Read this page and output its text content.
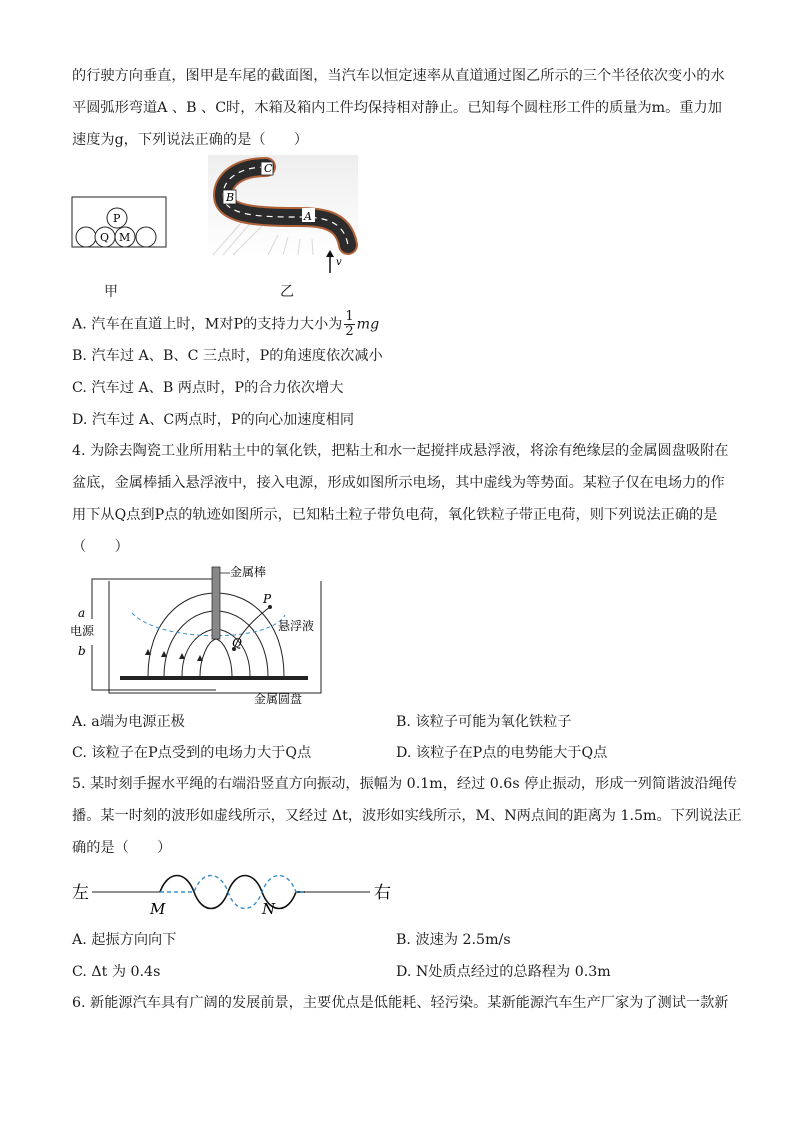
的行驶方向垂直，图甲是车尾的截面图，当汽车以恒定速率从直道通过图乙所示的三个半径依次变小的水
平圆弧形弯道A 、B 、C时，木箱及箱内工件均保持相对静止。已知每个圆柱形工件的质量为m。重力加
速度为g，下列说法正确的是（　　）
P
Q M
甲
C
B
A
v
乙
A. 汽车在直道上时，M对P的支持力大小为 $\frac{1}{2}$ mg
B. 汽车过 A、B、C 三点时，P的角速度依次减小
C. 汽车过 A、B 两点时，P的合力依次增大
D. 汽车过 A、C两点时，P的向心加速度相同
4. 为除去陶瓷工业所用粘土中的氧化铁，把粘土和水一起搅拌成悬浮液，将涂有绝缘层的金属圆盘吸附在
盆底，金属棒插入悬浮液中，接入电源，形成如图所示电场，其中虚线为等势面。某粒子仅在电场力的作
用下从Q点到P点的轨迹如图所示，已知粘土粒子带负电荷，氧化铁粒子带正电荷，则下列说法正确的是
（　　）
金属棒
a
电源
b
P
Q
悬浮液
金属圆盘
A. a端为电源正极	B. 该粒子可能为氧化铁粒子
C. 该粒子在P点受到的电场力大于Q点	D. 该粒子在P点的电势能大于Q点
5. 某时刻手握水平绳的右端沿竖直方向振动，振幅为 0.1m，经过 0.6s 停止振动，形成一列简谐波沿绳传
播。某一时刻的波形如虚线所示，又经过 Δt，波形如实线所示，M、N两点间的距离为 1.5m。下列说法正
确的是（　　）
左	右
M	N
A. 起振方向向下	B. 波速为 2.5m/s
C. Δt 为 0.4s	D. N处质点经过的总路程为 0.3m
6. 新能源汽车具有广阔的发展前景，主要优点是低能耗、轻污染。某新能源汽车生产厂家为了测试一款新
